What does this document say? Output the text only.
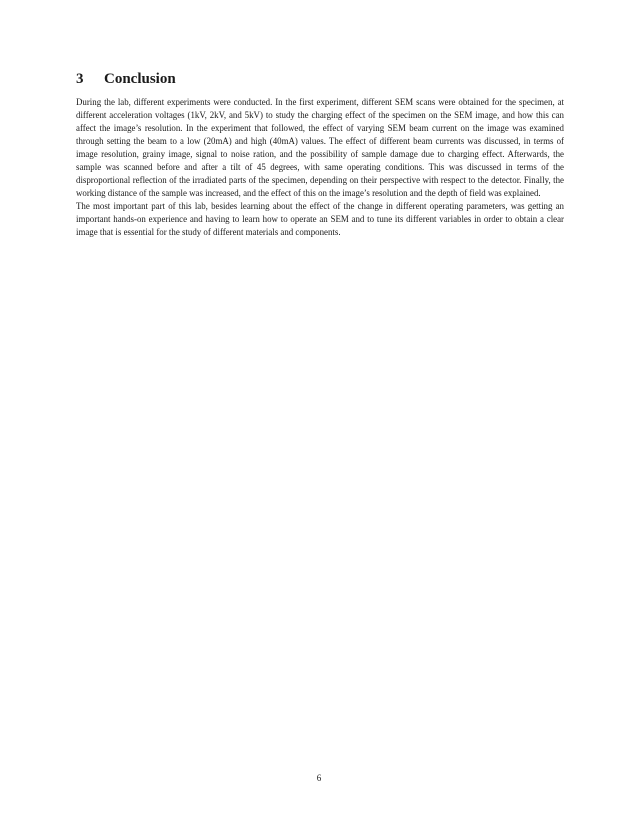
3 Conclusion

During the lab, different experiments were conducted. In the first experiment, different SEM scans were obtained for the specimen, at different acceleration voltages (1kV, 2kV, and 5kV) to study the charging effect of the specimen on the SEM image, and how this can affect the image’s resolution. In the experiment that followed, the effect of varying SEM beam current on the image was examined through setting the beam to a low (20mA) and high (40mA) values. The effect of different beam currents was discussed, in terms of image resolution, grainy image, signal to noise ration, and the possibility of sample damage due to charging effect. Afterwards, the sample was scanned before and after a tilt of 45 degrees, with same operating conditions. This was discussed in terms of the disproportional reflection of the irradiated parts of the specimen, depending on their perspective with respect to the detector. Finally, the working distance of the sample was increased, and the effect of this on the image’s resolution and the depth of field was explained.

The most important part of this lab, besides learning about the effect of the change in different operating parameters, was getting an important hands-on experience and having to learn how to operate an SEM and to tune its different variables in order to obtain a clear image that is essential for the study of different materials and components.

6
